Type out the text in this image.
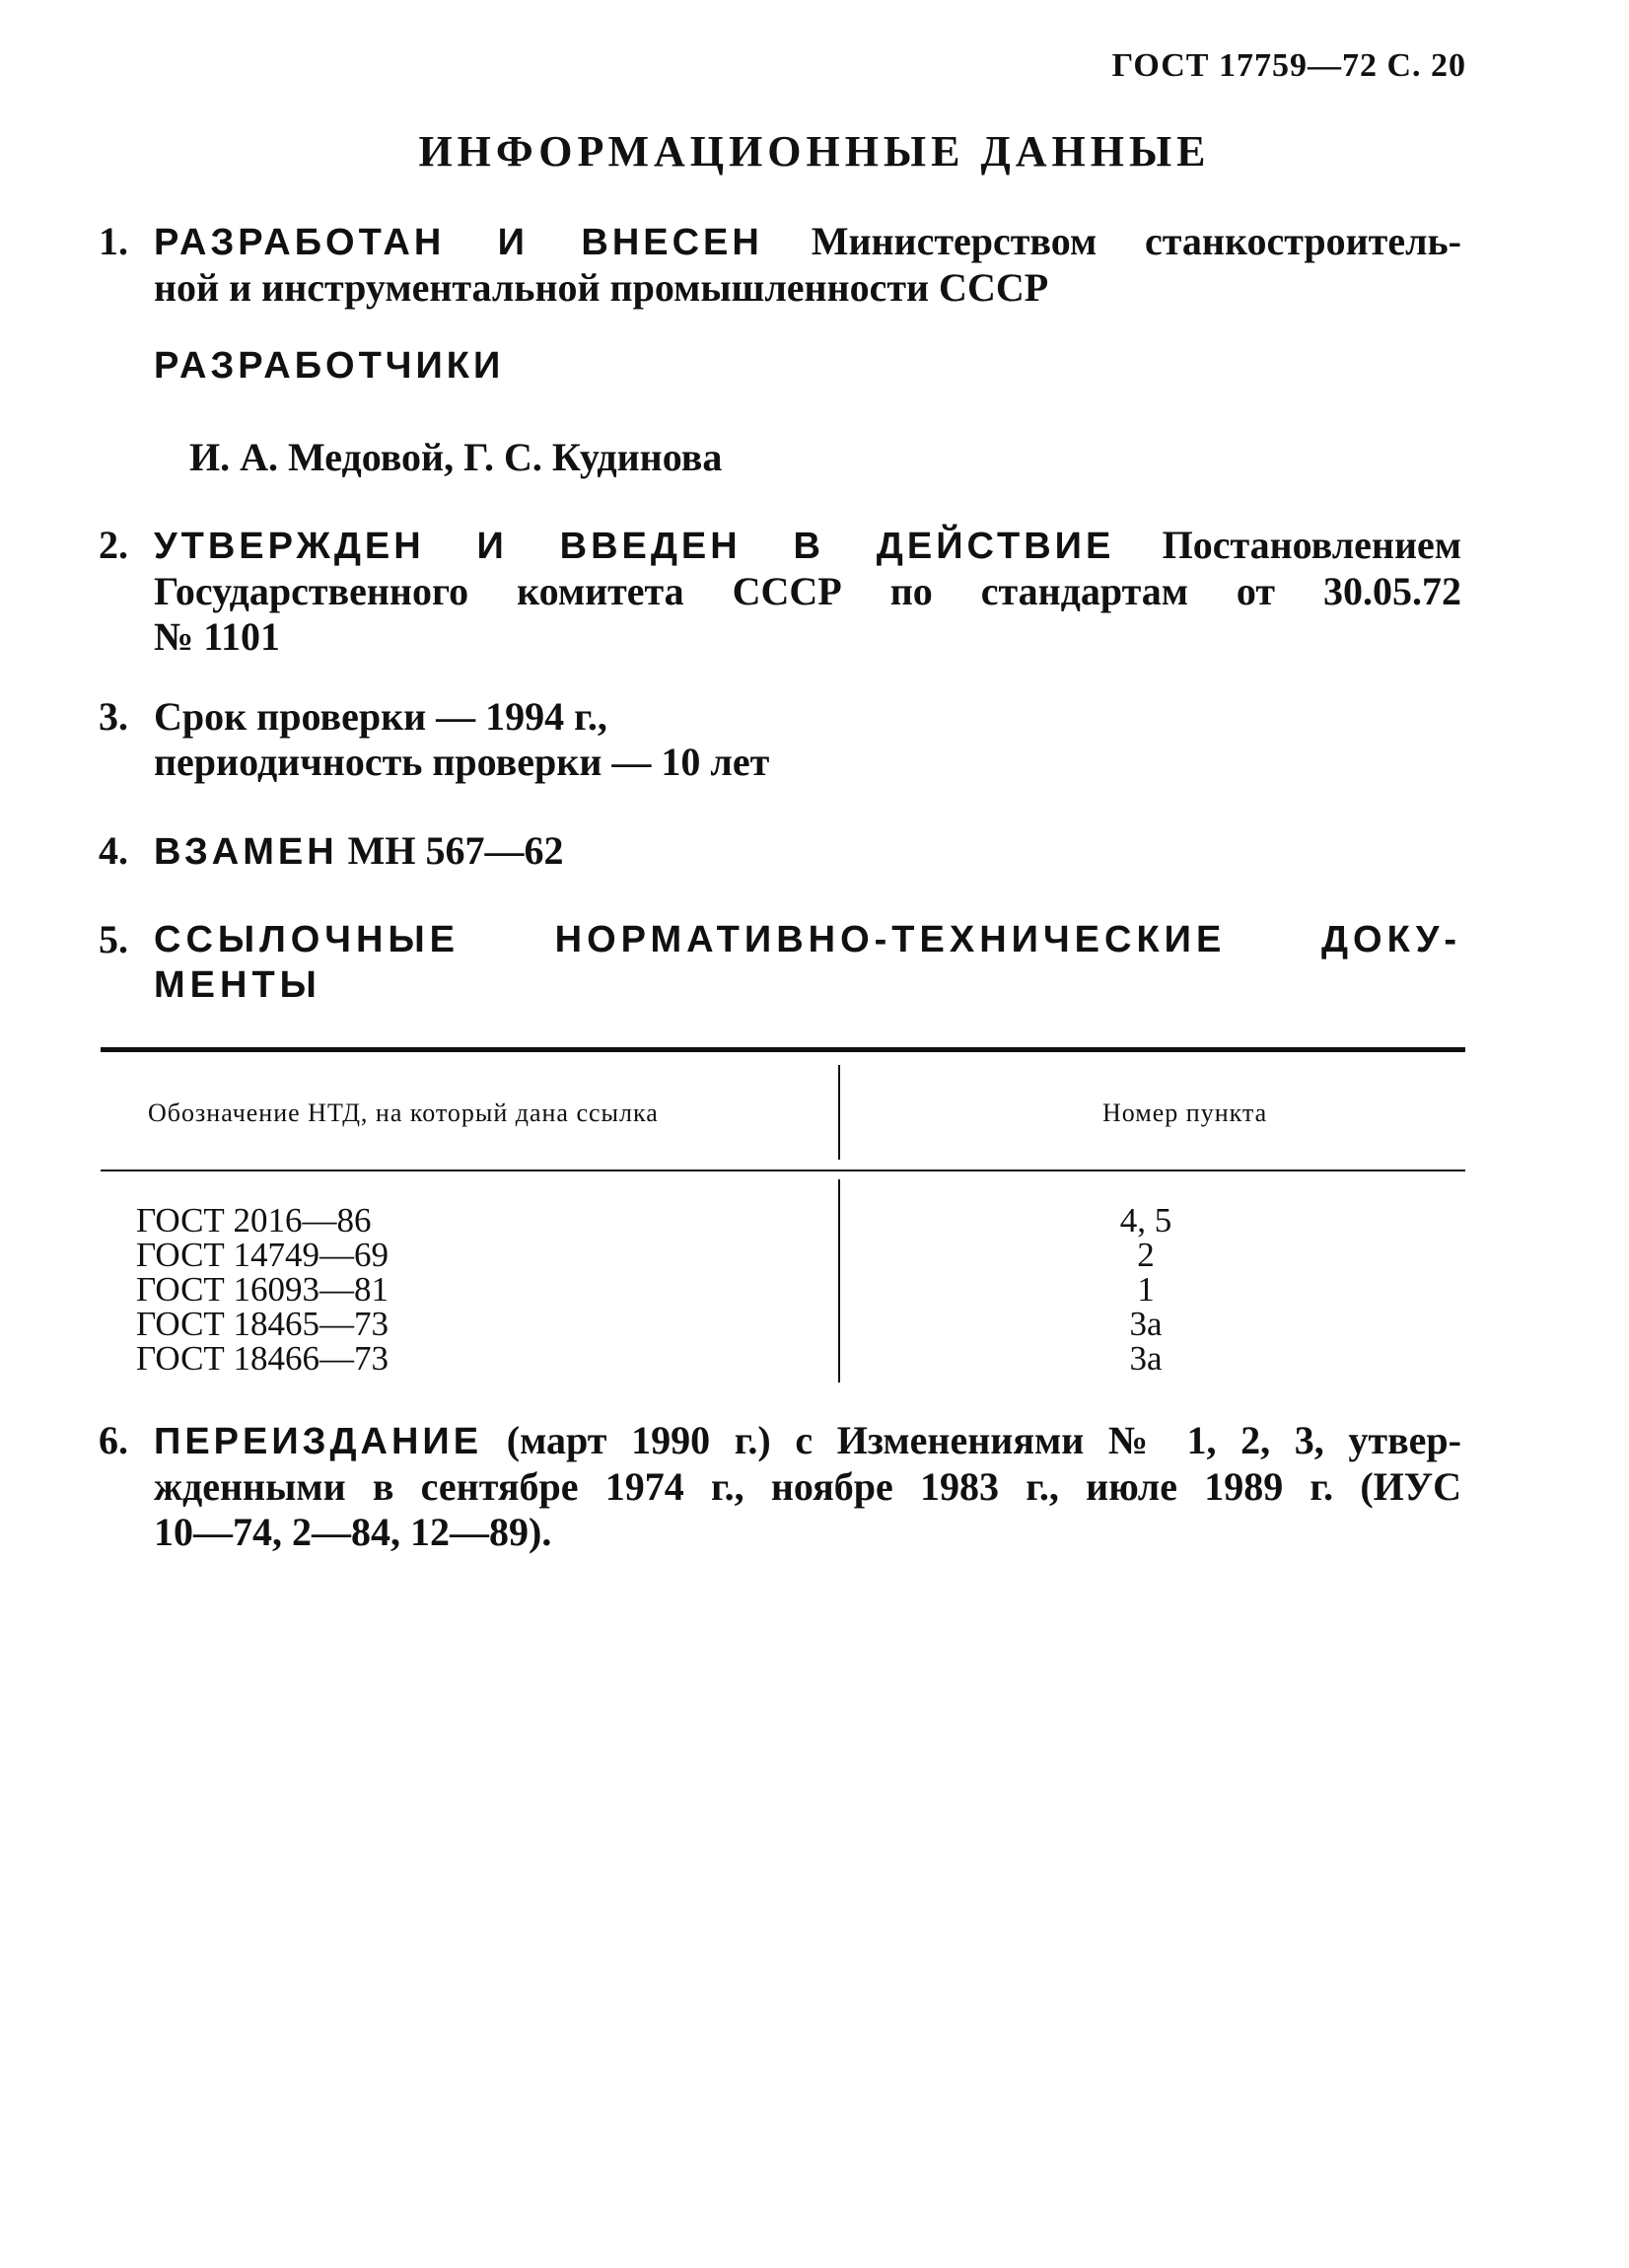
ГОСТ 17759—72 С. 20
ИНФОРМАЦИОННЫЕ ДАННЫЕ
1. РАЗРАБОТАН И ВНЕСЕН Министерством станкостроитель-
ной и инструментальной промышленности СССР
РАЗРАБОТЧИКИ
И. А. Медовой, Г. С. Кудинова
2. УТВЕРЖДЕН И ВВЕДЕН В ДЕЙСТВИЕ Постановлением
Государственного комитета СССР по стандартам от 30.05.72
№ 1101
3. Срок проверки — 1994 г.,
периодичность проверки — 10 лет
4. ВЗАМЕН МН 567—62
5. ССЫЛОЧНЫЕ НОРМАТИВНО-ТЕХНИЧЕСКИЕ ДОКУ-
МЕНТЫ
Обозначение НТД, на который дана ссылка	Номер пункта
ГОСТ 2016—86	4, 5
ГОСТ 14749—69	2
ГОСТ 16093—81	1
ГОСТ 18465—73	3а
ГОСТ 18466—73	3а
6. ПЕРЕИЗДАНИЕ (март 1990 г.) с Изменениями № 1, 2, 3, утвер-
жденными в сентябре 1974 г., ноябре 1983 г., июле 1989 г. (ИУС
10—74, 2—84, 12—89).
